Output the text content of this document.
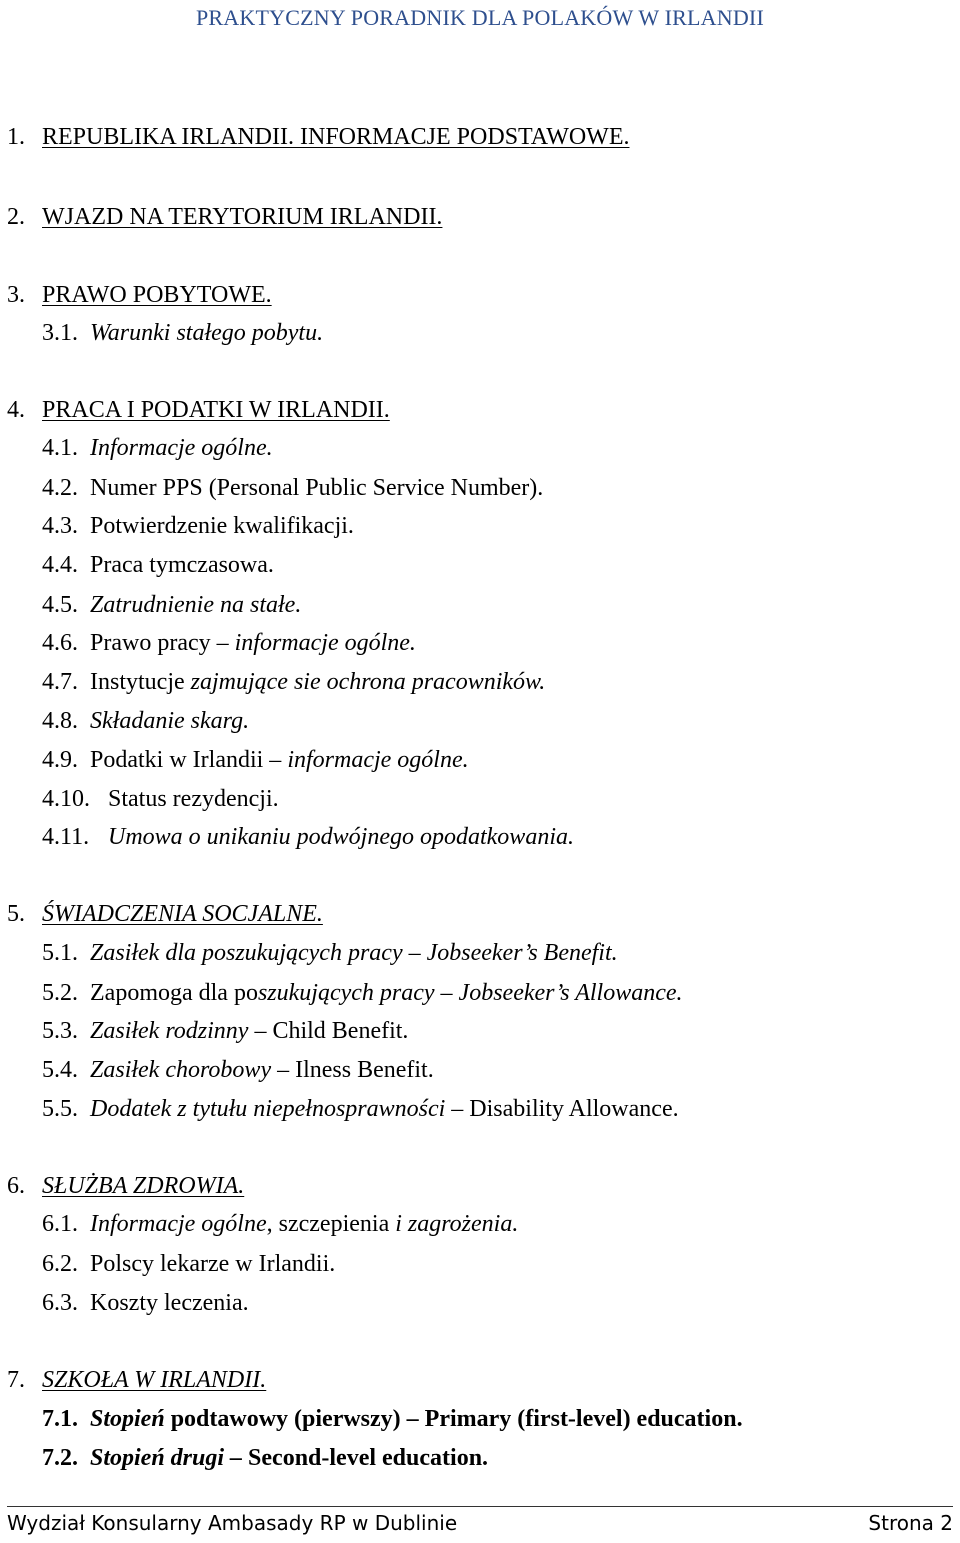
PRAKTYCZNY PORADNIK DLA POLAKÓW W IRLANDII
1. REPUBLIKA IRLANDII. INFORMACJE PODSTAWOWE.
2. WJAZD NA TERYTORIUM IRLANDII.
3. PRAWO POBYTOWE.
3.1. Warunki stałego pobytu.
4. PRACA I PODATKI W IRLANDII.
4.1. Informacje ogólne.
4.2. Numer PPS (Personal Public Service Number).
4.3. Potwierdzenie kwalifikacji.
4.4. Praca tymczasowa.
4.5. Zatrudnienie na stałe.
4.6. Prawo pracy – informacje ogólne.
4.7. Instytucje zajmujące sie ochrona pracowników.
4.8. Składanie skarg.
4.9. Podatki w Irlandii – informacje ogólne.
4.10. Status rezydencji.
4.11. Umowa o unikaniu podwójnego opodatkowania.
5. ŚWIADCZENIA SOCJALNE.
5.1. Zasiłek dla poszukujących pracy – Jobseeker’s Benefit.
5.2. Zapomoga dla poszukujących pracy – Jobseeker’s Allowance.
5.3. Zasiłek rodzinny – Child Benefit.
5.4. Zasiłek chorobowy – Ilness Benefit.
5.5. Dodatek z tytułu niepełnosprawności – Disability Allowance.
6. SŁUŻBA ZDROWIA.
6.1. Informacje ogólne, szczepienia i zagrożenia.
6.2. Polscy lekarze w Irlandii.
6.3. Koszty leczenia.
7. SZKOŁA W IRLANDII.
7.1. Stopień podtawowy (pierwszy) – Primary (first-level) education.
7.2. Stopień drugi – Second-level education.
Wydział Konsularny Ambasady RP w Dublinie	Strona 2
